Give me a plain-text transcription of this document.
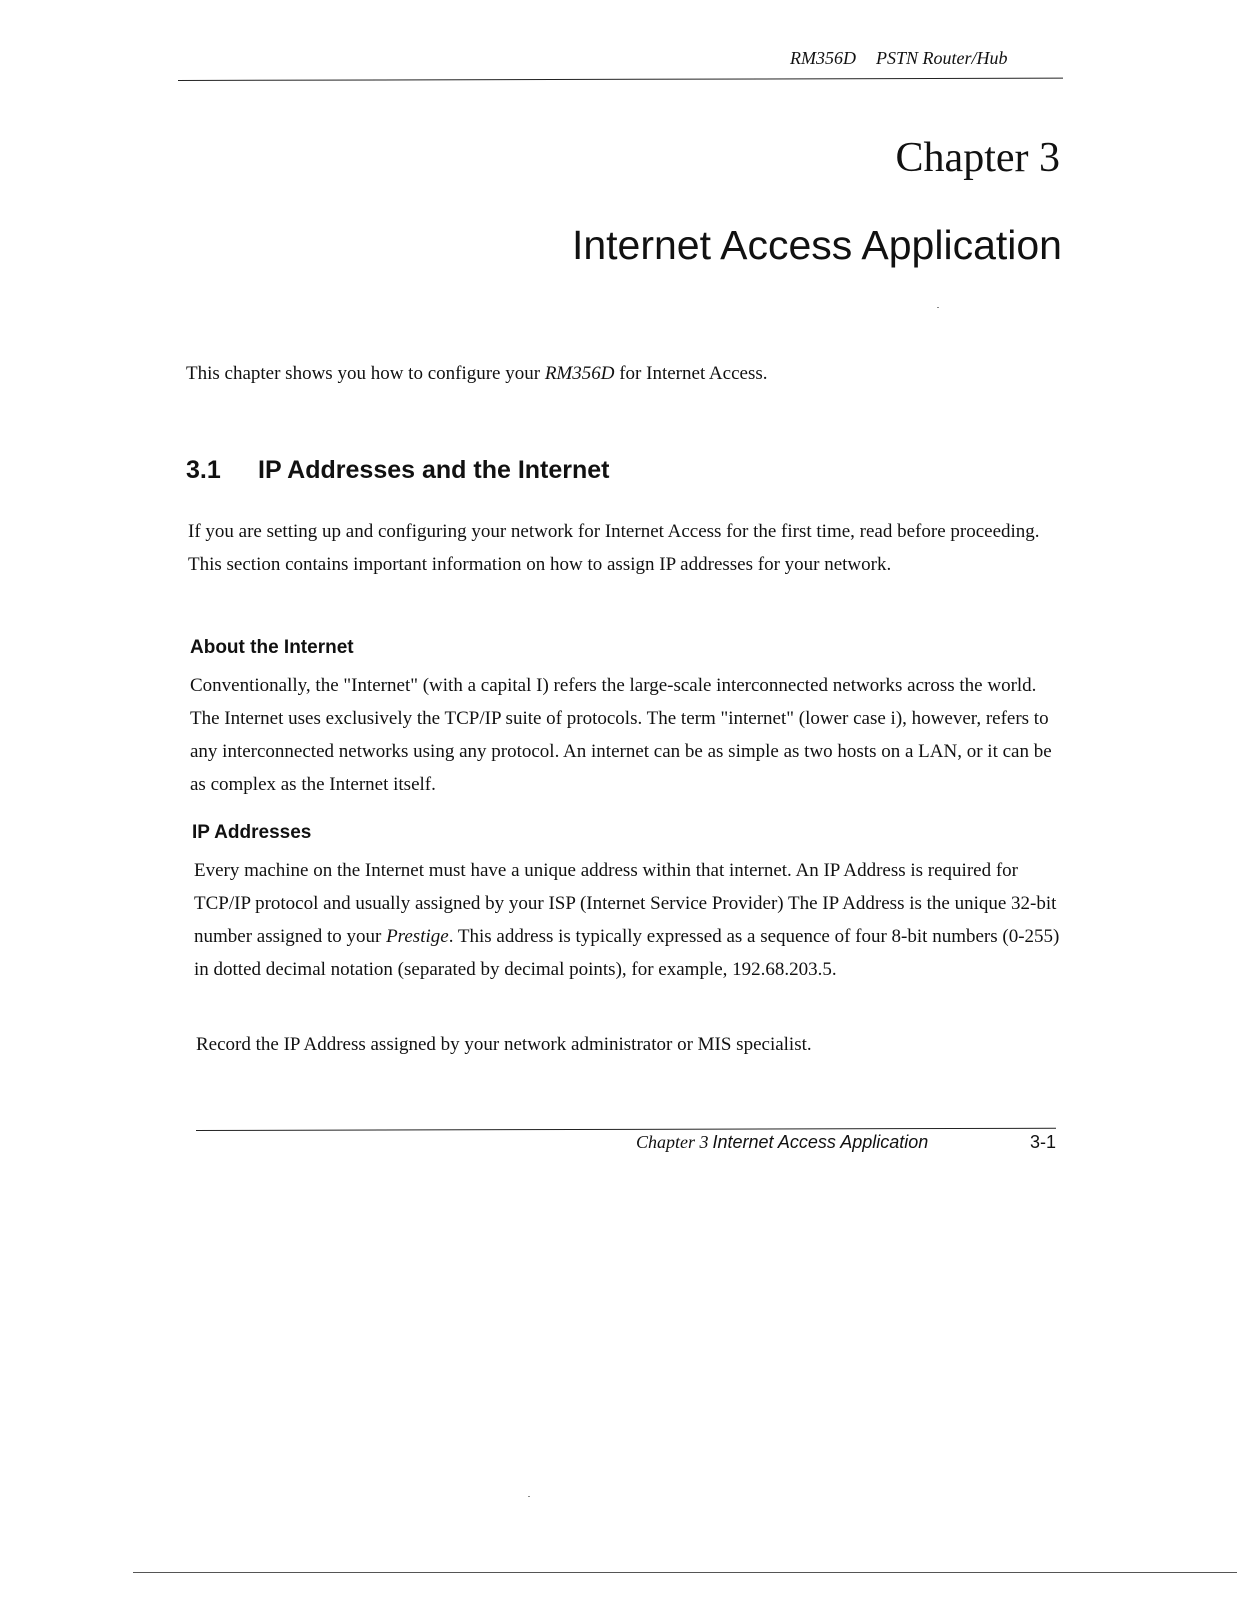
RM356D PSTN Router/Hub
Chapter 3
Internet Access Application
This chapter shows you how to configure your RM356D for Internet Access.
3.1 IP Addresses and the Internet
If you are setting up and configuring your network for Internet Access for the first time, read before proceeding. This section contains important information on how to assign IP addresses for your network.
About the Internet
Conventionally, the "Internet" (with a capital I) refers the large-scale interconnected networks across the world. The Internet uses exclusively the TCP/IP suite of protocols. The term "internet" (lower case i), however, refers to any interconnected networks using any protocol. An internet can be as simple as two hosts on a LAN, or it can be as complex as the Internet itself.
IP Addresses
Every machine on the Internet must have a unique address within that internet. An IP Address is required for TCP/IP protocol and usually assigned by your ISP (Internet Service Provider) The IP Address is the unique 32-bit number assigned to your Prestige. This address is typically expressed as a sequence of four 8-bit numbers (0-255) in dotted decimal notation (separated by decimal points), for example, 192.68.203.5.
Record the IP Address assigned by your network administrator or MIS specialist.
Chapter 3 Internet Access Application	3-1
